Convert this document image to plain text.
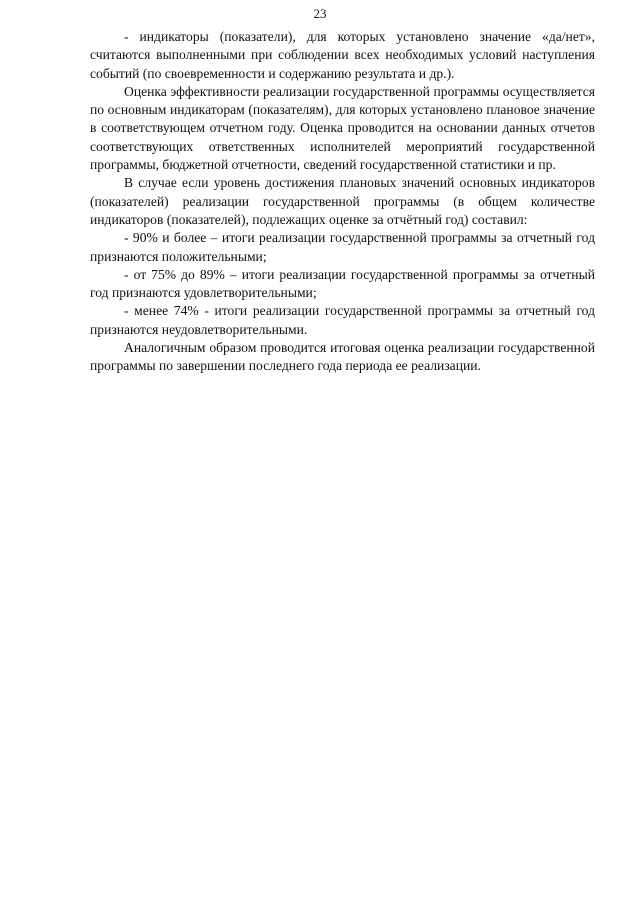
23

- индикаторы (показатели), для которых установлено значение «да/нет», считаются выполненными при соблюдении всех необходимых условий наступления событий (по своевременности и содержанию результата и др.).

Оценка эффективности реализации государственной программы осуществляется по основным индикаторам (показателям), для которых установлено плановое значение в соответствующем отчетном году. Оценка проводится на основании данных отчетов соответствующих ответственных исполнителей мероприятий государственной программы, бюджетной отчетности, сведений государственной статистики и пр.

В случае если уровень достижения плановых значений основных индикаторов (показателей) реализации государственной программы (в общем количестве индикаторов (показателей), подлежащих оценке за отчётный год) составил:

- 90% и более – итоги реализации государственной программы за отчетный год признаются положительными;

- от 75% до 89% – итоги реализации государственной программы за отчетный год признаются удовлетворительными;

- менее 74% - итоги реализации государственной программы за отчетный год признаются неудовлетворительными.

Аналогичным образом проводится итоговая оценка реализации государственной программы по завершении последнего года периода ее реализации.
